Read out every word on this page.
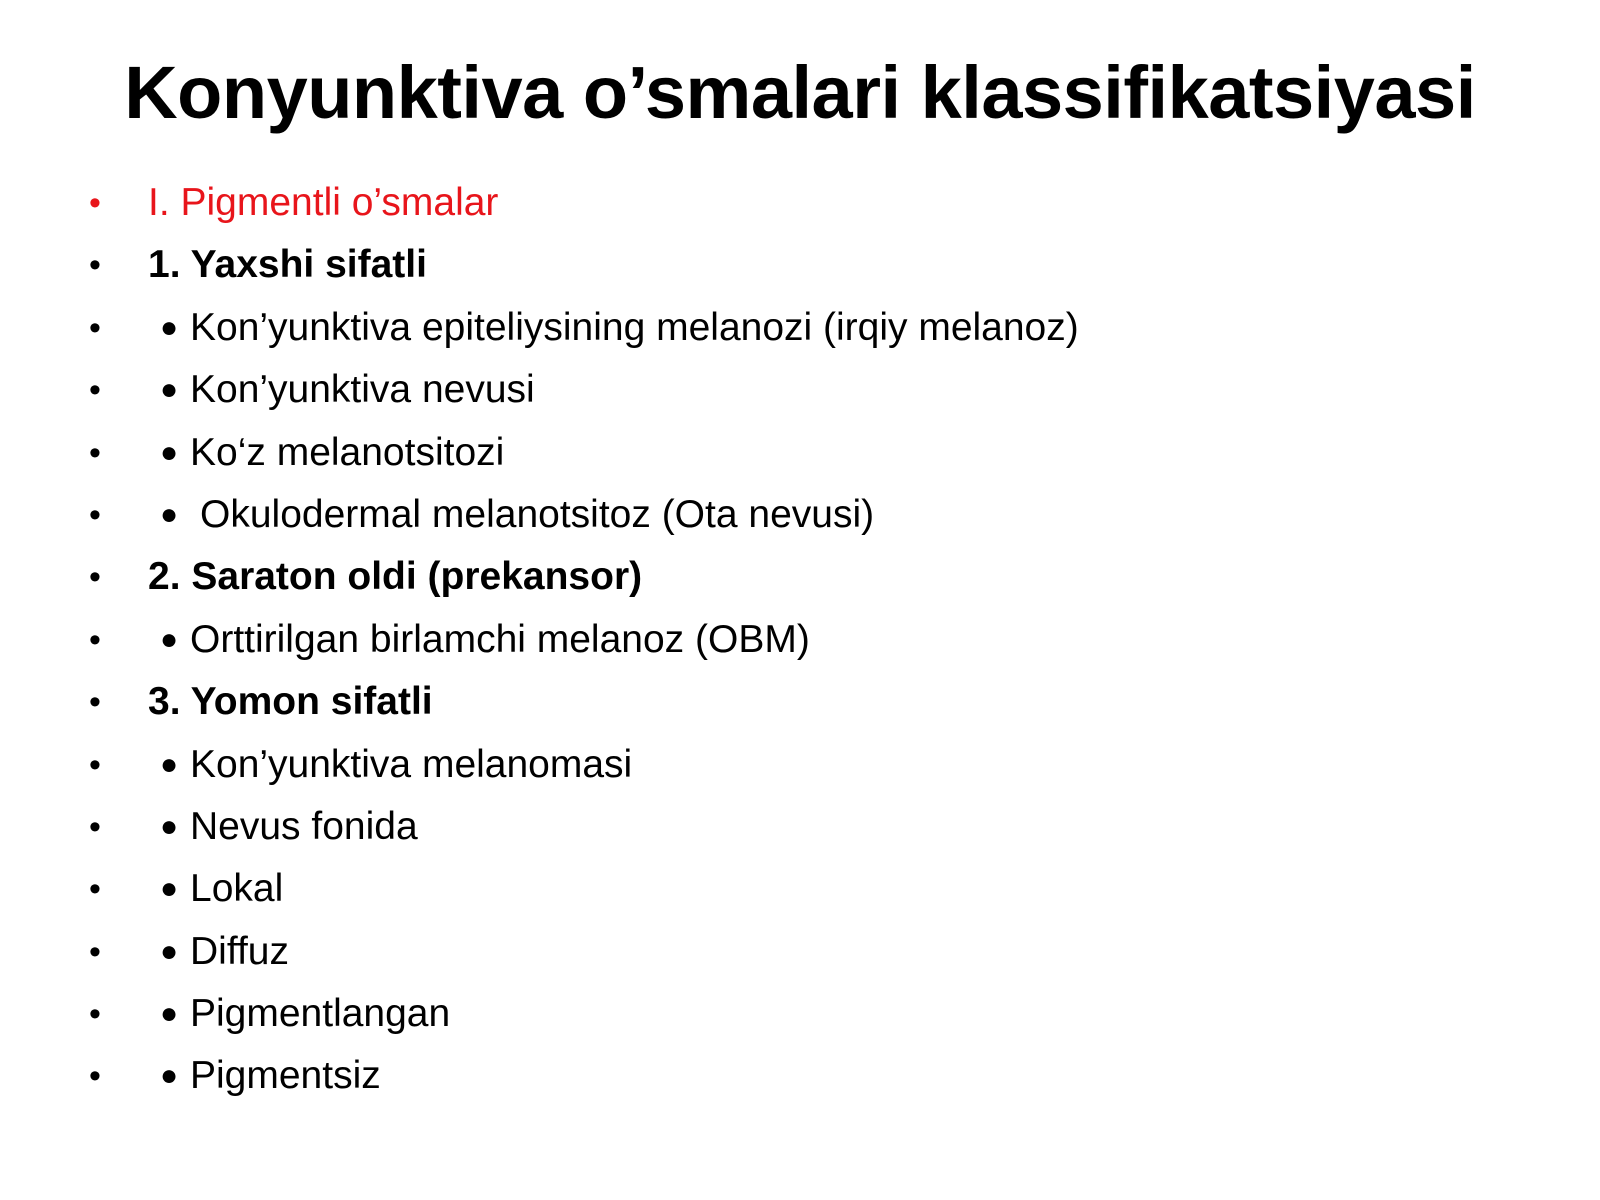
Konyunktiva o’smalari klassifikatsiyasi
• I. Pigmentli o’smalar
• 1. Yaxshi sifatli
• ● Kon’yunktiva epiteliysining melanozi (irqiy melanoz)
• ● Kon’yunktiva nevusi
• ● Ko‘z melanotsitozi
• ● Okulodermal melanotsitoz (Ota nevusi)
• 2. Saraton oldi (prekansor)
• ● Orttirilgan birlamchi melanoz (OBM)
• 3. Yomon sifatli
• ● Kon’yunktiva melanomasi
• ● Nevus fonida
• ● Lokal
• ● Diffuz
• ● Pigmentlangan
• ● Pigmentsiz
